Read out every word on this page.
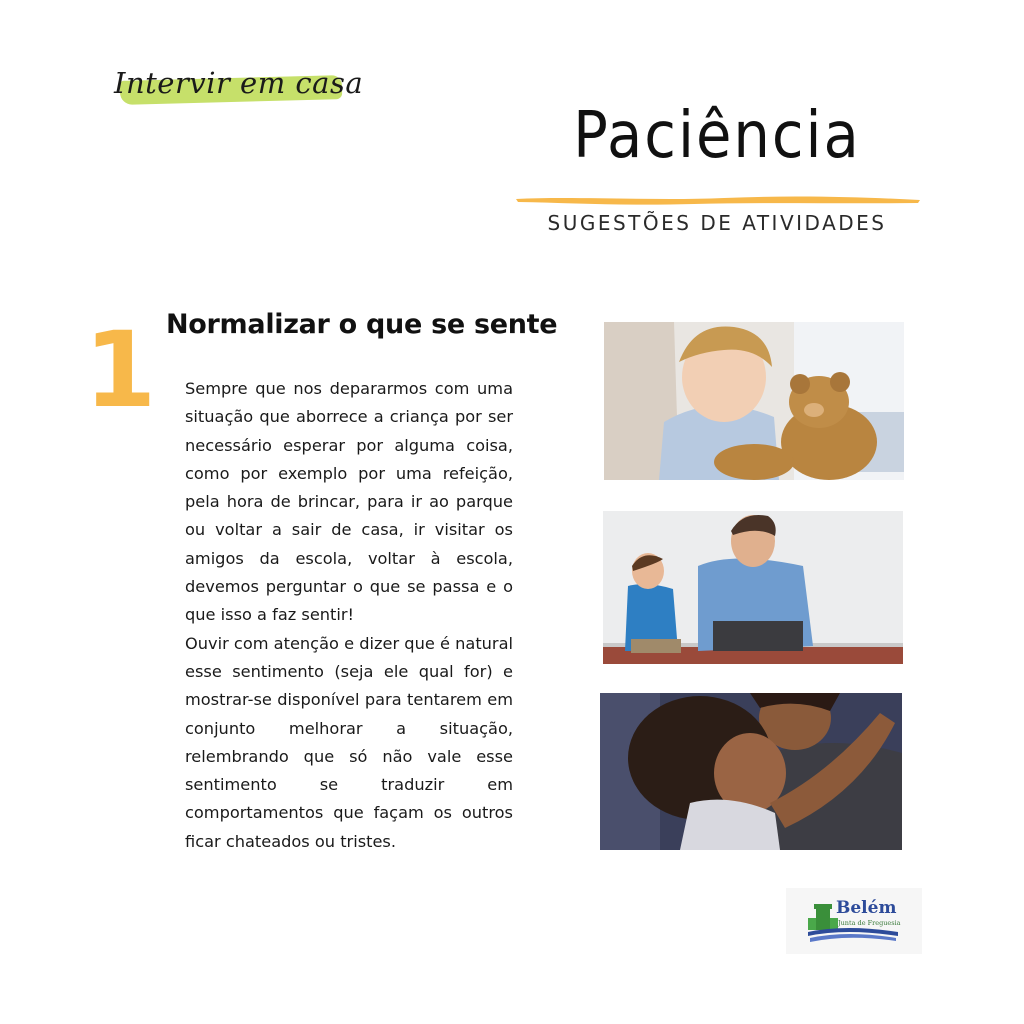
Intervir em casa
Paciência
SUGESTÕES DE ATIVIDADES
1 Normalizar o que se sente

Sempre que nos depararmos com uma situação que aborrece a criança por ser necessário esperar por alguma coisa, como por exemplo por uma refeição, pela hora de brincar, para ir ao parque ou voltar a sair de casa, ir visitar os amigos da escola, voltar à escola, devemos perguntar o que se passa e o que isso a faz sentir!

Ouvir com atenção e dizer que é natural esse sentimento (seja ele qual for) e mostrar-se disponível para tentarem em conjunto melhorar a situação, relembrando que só não vale esse sentimento se traduzir em comportamentos que façam os outros ficar chateados ou tristes.

Belém
Junta de Freguesia
